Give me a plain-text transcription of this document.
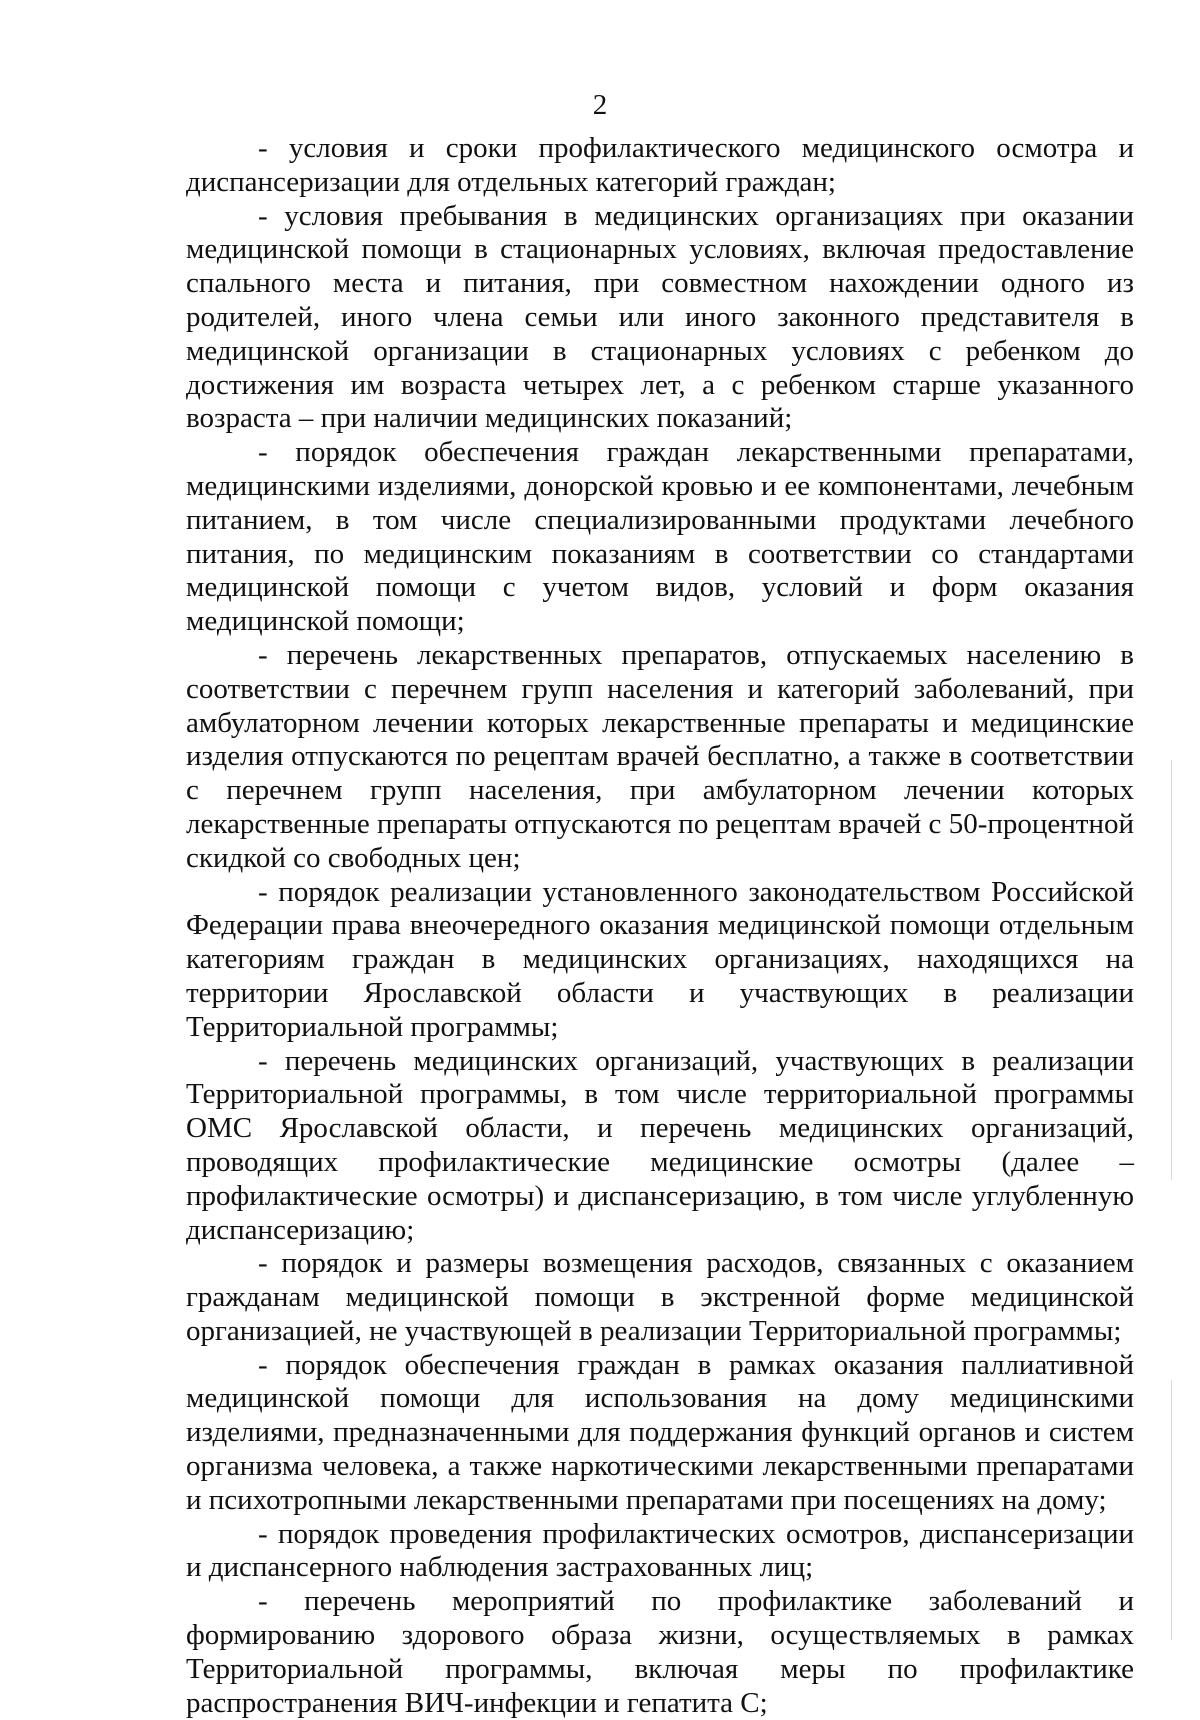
2

- условия и сроки профилактического медицинского осмотра и диспансеризации для отдельных категорий граждан;

- условия пребывания в медицинских организациях при оказании медицинской помощи в стационарных условиях, включая предоставление спального места и питания, при совместном нахождении одного из родителей, иного члена семьи или иного законного представителя в медицинской организации в стационарных условиях с ребенком до достижения им возраста четырех лет, а с ребенком старше указанного возраста – при наличии медицинских показаний;

- порядок обеспечения граждан лекарственными препаратами, медицинскими изделиями, донорской кровью и ее компонентами, лечебным питанием, в том числе специализированными продуктами лечебного питания, по медицинским показаниям в соответствии со стандартами медицинской помощи с учетом видов, условий и форм оказания медицинской помощи;

- перечень лекарственных препаратов, отпускаемых населению в соответствии с перечнем групп населения и категорий заболеваний, при амбулаторном лечении которых лекарственные препараты и медицинские изделия отпускаются по рецептам врачей бесплатно, а также в соответствии с перечнем групп населения, при амбулаторном лечении которых лекарственные препараты отпускаются по рецептам врачей с 50-процентной скидкой со свободных цен;

- порядок реализации установленного законодательством Российской Федерации права внеочередного оказания медицинской помощи отдельным категориям граждан в медицинских организациях, находящихся на территории Ярославской области и участвующих в реализации Территориальной программы;

- перечень медицинских организаций, участвующих в реализации Территориальной программы, в том числе территориальной программы ОМС Ярославской области, и перечень медицинских организаций, проводящих профилактические медицинские осмотры (далее – профилактические осмотры) и диспансеризацию, в том числе углубленную диспансеризацию;

- порядок и размеры возмещения расходов, связанных с оказанием гражданам медицинской помощи в экстренной форме медицинской организацией, не участвующей в реализации Территориальной программы;

- порядок обеспечения граждан в рамках оказания паллиативной медицинской помощи для использования на дому медицинскими изделиями, предназначенными для поддержания функций органов и систем организма человека, а также наркотическими лекарственными препаратами и психотропными лекарственными препаратами при посещениях на дому;

- порядок проведения профилактических осмотров, диспансеризации и диспансерного наблюдения застрахованных лиц;

- перечень мероприятий по профилактике заболеваний и формированию здорового образа жизни, осуществляемых в рамках Территориальной программы, включая меры по профилактике распространения ВИЧ-инфекции и гепатита С;
